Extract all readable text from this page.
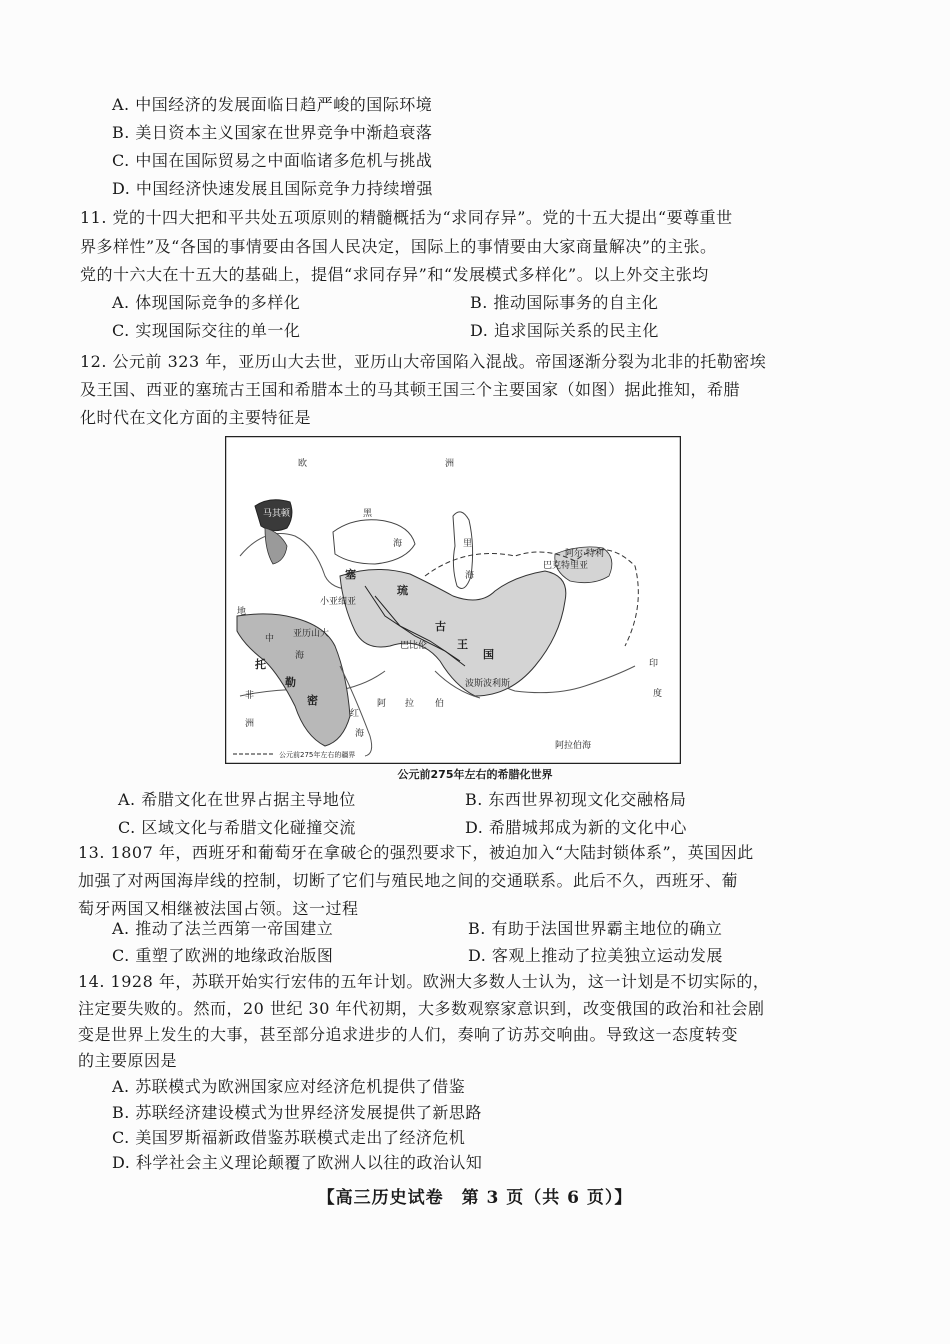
A. 中国经济的发展面临日趋严峻的国际环境
B. 美日资本主义国家在世界竞争中渐趋衰落
C. 中国在国际贸易之中面临诸多危机与挑战
D. 中国经济快速发展且国际竞争力持续增强
11. 党的十四大把和平共处五项原则的精髓概括为“求同存异”。党的十五大提出“要尊重世
界多样性”及“各国的事情要由各国人民决定，国际上的事情要由大家商量解决”的主张。
党的十六大在十五大的基础上，提倡“求同存异”和“发展模式多样化”。以上外交主张均
A. 体现国际竞争的多样化	B. 推动国际事务的自主化
C. 实现国际交往的单一化	D. 追求国际关系的民主化
12. 公元前 323 年，亚历山大去世，亚历山大帝国陷入混战。帝国逐渐分裂为北非的托勒密埃
及王国、西亚的塞琉古王国和希腊本土的马其顿王国三个主要国家（如图）据此推知，希腊
化时代在文化方面的主要特征是
欧	洲
黑
海	里
海
地
中
海
托
勒
密
非
洲
塞
琉
古
王
国
阿 拉 伯
红
海
印
度
小亚细亚
巴克特里亚
阿尔·特利
巴比伦
波斯波利斯
亚历山大
阿拉伯海
马其顿
公元前275年左右的疆界
公元前275年左右的希腊化世界
A. 希腊文化在世界占据主导地位	B. 东西世界初现文化交融格局
C. 区域文化与希腊文化碰撞交流	D. 希腊城邦成为新的文化中心
13. 1807 年，西班牙和葡萄牙在拿破仑的强烈要求下，被迫加入“大陆封锁体系”，英国因此
加强了对两国海岸线的控制，切断了它们与殖民地之间的交通联系。此后不久，西班牙、葡
萄牙两国又相继被法国占领。这一过程
A. 推动了法兰西第一帝国建立	B. 有助于法国世界霸主地位的确立
C. 重塑了欧洲的地缘政治版图	D. 客观上推动了拉美独立运动发展
14. 1928 年，苏联开始实行宏伟的五年计划。欧洲大多数人士认为，这一计划是不切实际的，
注定要失败的。然而，20 世纪 30 年代初期，大多数观察家意识到，改变俄国的政治和社会剧
变是世界上发生的大事，甚至部分追求进步的人们，奏响了访苏交响曲。导致这一态度转变
的主要原因是
A. 苏联模式为欧洲国家应对经济危机提供了借鉴
B. 苏联经济建设模式为世界经济发展提供了新思路
C. 美国罗斯福新政借鉴苏联模式走出了经济危机
D. 科学社会主义理论颠覆了欧洲人以往的政治认知
【高三历史试卷　第 3 页（共 6 页）】
